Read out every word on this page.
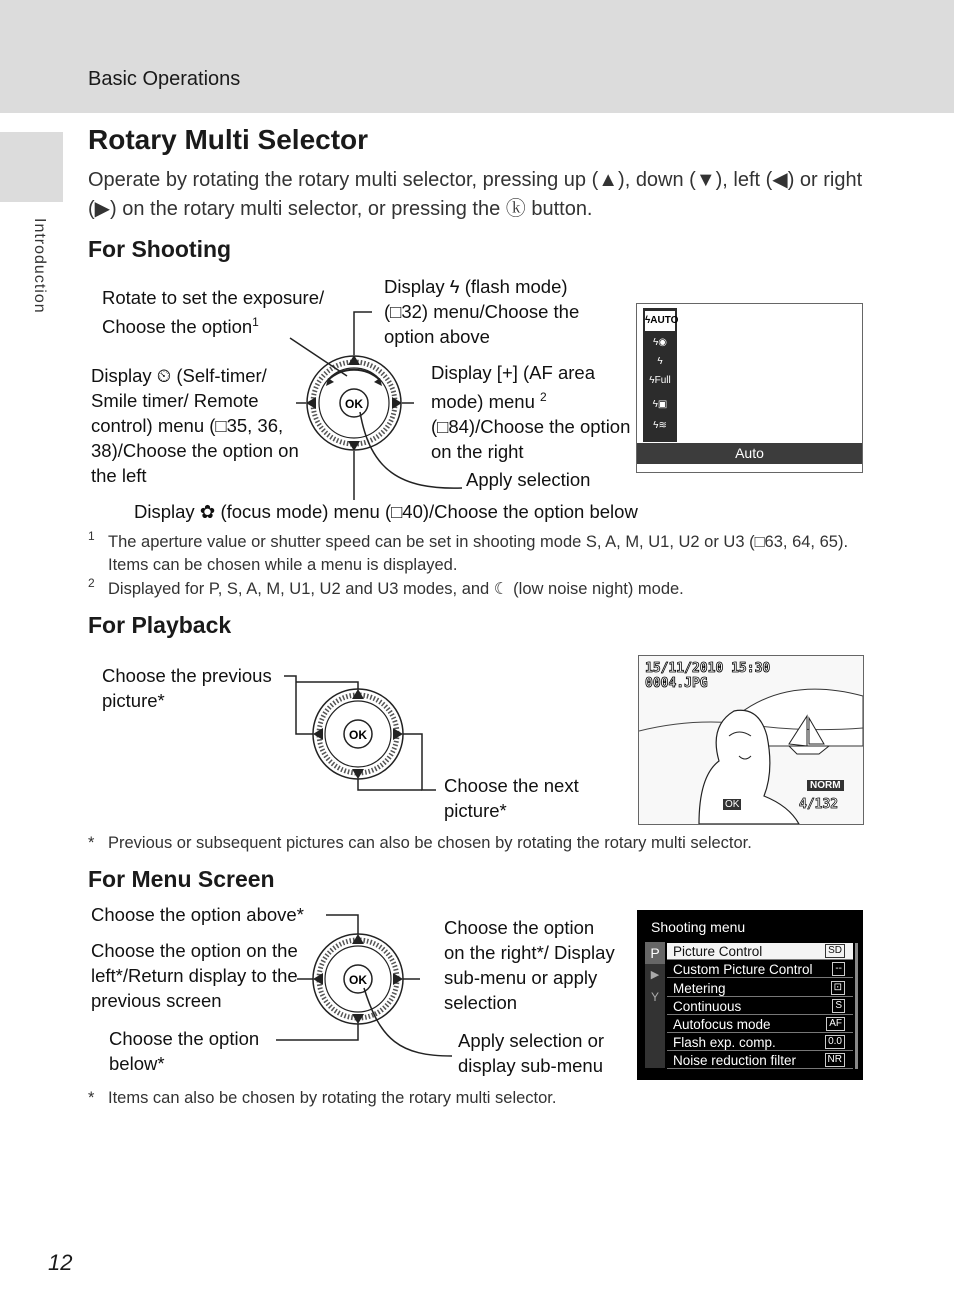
Basic Operations
Introduction
Rotary Multi Selector
Operate by rotating the rotary multi selector, pressing up (▲), down (▼), left (◀) or right (▶) on the rotary multi selector, or pressing the ⓚ button.
For Shooting
Rotate to set the exposure/ Choose the option$^1$
Display ϟ (flash mode) (□32) menu/Choose the option above
Display ⏲ (Self-timer/ Smile timer/ Remote control) menu (□35, 36, 38)/Choose the option on the left
Display [+] (AF area mode) menu $^2$
(□84)/Choose the option on the right
Apply selection
Display ✿ (focus mode) menu (□40)/Choose the option below
OK
ϟAUTO
ϟ◉
ϟ
ϟFull
ϟ▣
ϟ≋
Auto
1 The aperture value or shutter speed can be set in shooting mode S, A, M, U1, U2 or U3 (□63, 64, 65). Items can be chosen while a menu is displayed.
2 Displayed for P, S, A, M, U1, U2 and U3 modes, and ☾ (low noise night) mode.
For Playback
Choose the previous picture*
Choose the next picture*
OK
15/11/2010 15:30
0004.JPG
NORM
OK	4/132
* Previous or subsequent pictures can also be chosen by rotating the rotary multi selector.
For Menu Screen
Choose the option above*
Choose the option on the left*/Return display to the previous screen
Choose the option below*
Choose the option on the right*/ Display sub-menu or apply selection
Apply selection or display sub-menu
OK
Shooting menu
P
▶
Y
Picture Control	SD
Custom Picture Control	--
Metering	⊡
Continuous	S
Autofocus mode	AF
Flash exp. comp.	0.0
Noise reduction filter	NR
* Items can also be chosen by rotating the rotary multi selector.
12
